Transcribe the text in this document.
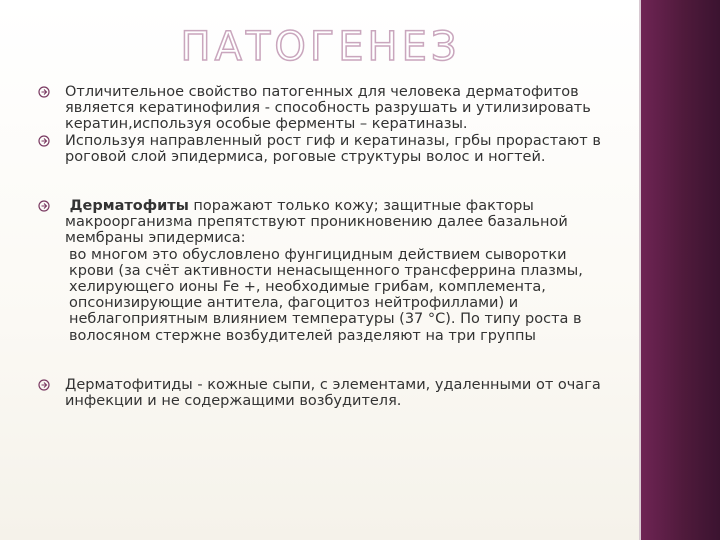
ПАТОГЕНЕЗ
Отличительное свойство патогенных для человека дерматофитов является кератинофилия - способность разрушать и утилизировать кератин,используя особые ферменты – кератиназы.
Используя направленный рост гиф и кератиназы, грбы прорастают в роговой слой эпидермиса, роговые структуры волос и ногтей.
Дерматофиты поражают только кожу; защитные факторы макроорганизма препятствуют проникновению далее базальной мембраны эпидермиса:
во многом это обусловлено фунгицидным действием сыворотки крови (за счёт активности ненасыщенного трансферрина плазмы, хелирующего ионы Fe +, необходимые грибам, комплемента, опсонизирующие антитела, фагоцитоз нейтрофиллами) и неблагоприятным влиянием температуры (37 °С). По типу роста в волосяном стержне возбудителей разделяют на три группы
Дерматофитиды - кожные сыпи, с элементами, удаленными от очага инфекции и не содержащими возбудителя.
